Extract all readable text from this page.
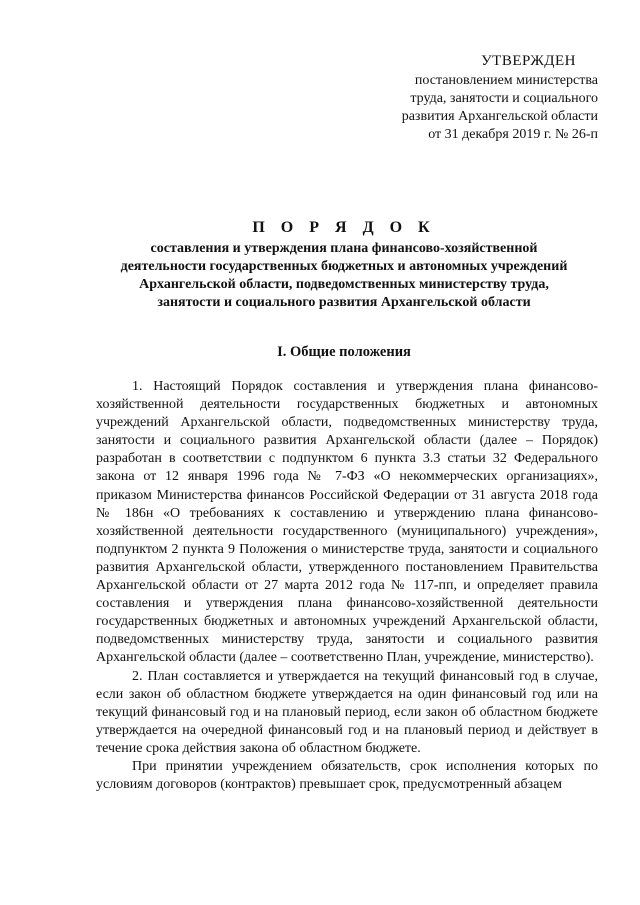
УТВЕРЖДЕН
постановлением министерства
труда, занятости и социального
развития Архангельской области
от 31 декабря 2019 г. № 26-п
П О Р Я Д О К
составления и утверждения плана финансово-хозяйственной
деятельности государственных бюджетных и автономных учреждений
Архангельской области, подведомственных министерству труда,
занятости и социального развития Архангельской области
I. Общие положения

1. Настоящий Порядок составления и утверждения плана финансово-хозяйственной деятельности государственных бюджетных и автономных учреждений Архангельской области, подведомственных министерству труда, занятости и социального развития Архангельской области (далее – Порядок) разработан в соответствии с подпунктом 6 пункта 3.3 статьи 32 Федерального закона от 12 января 1996 года № 7-ФЗ «О некоммерческих организациях», приказом Министерства финансов Российской Федерации от 31 августа 2018 года № 186н «О требованиях к составлению и утверждению плана финансово-хозяйственной деятельности государственного (муниципального) учреждения», подпунктом 2 пункта 9 Положения о министерстве труда, занятости и социального развития Архангельской области, утвержденного постановлением Правительства Архангельской области от 27 марта 2012 года № 117-пп, и определяет правила составления и утверждения плана финансово-хозяйственной деятельности государственных бюджетных и автономных учреждений Архангельской области, подведомственных министерству труда, занятости и социального развития Архангельской области (далее – соответственно План, учреждение, министерство).

2. План составляется и утверждается на текущий финансовый год в случае, если закон об областном бюджете утверждается на один финансовый год или на текущий финансовый год и на плановый период, если закон об областном бюджете утверждается на очередной финансовый год и на плановый период и действует в течение срока действия закона об областном бюджете.

При принятии учреждением обязательств, срок исполнения которых по условиям договоров (контрактов) превышает срок, предусмотренный абзацем
